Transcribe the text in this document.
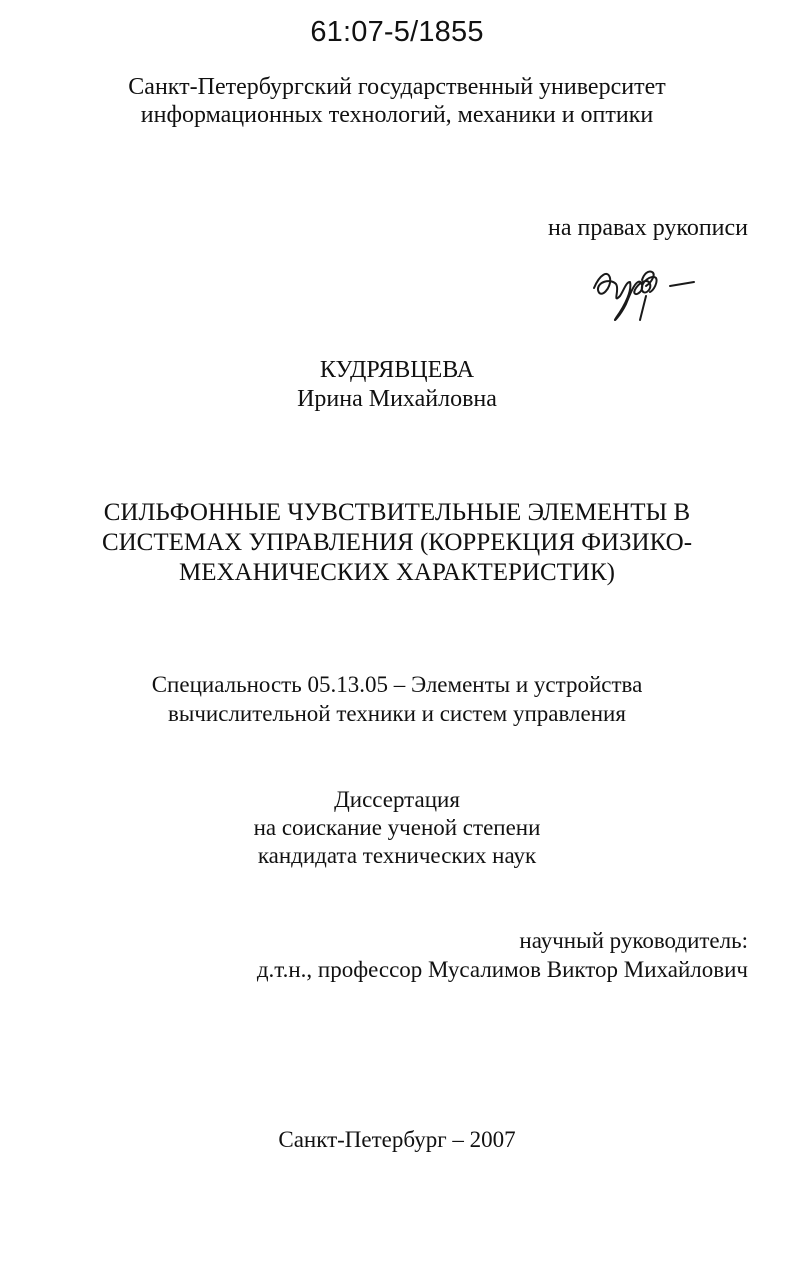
61:07-5/1855
Санкт-Петербургский государственный университет
информационных технологий, механики и оптики
на правах рукописи
КУДРЯВЦЕВА
Ирина Михайловна
СИЛЬФОННЫЕ ЧУВСТВИТЕЛЬНЫЕ ЭЛЕМЕНТЫ В
СИСТЕМАХ УПРАВЛЕНИЯ (КОРРЕКЦИЯ ФИЗИКО-
МЕХАНИЧЕСКИХ ХАРАКТЕРИСТИК)
Специальность 05.13.05 – Элементы и устройства
вычислительной техники и систем управления
Диссертация
на соискание ученой степени
кандидата технических наук
научный руководитель:
д.т.н., профессор Мусалимов Виктор Михайлович
Санкт-Петербург – 2007
